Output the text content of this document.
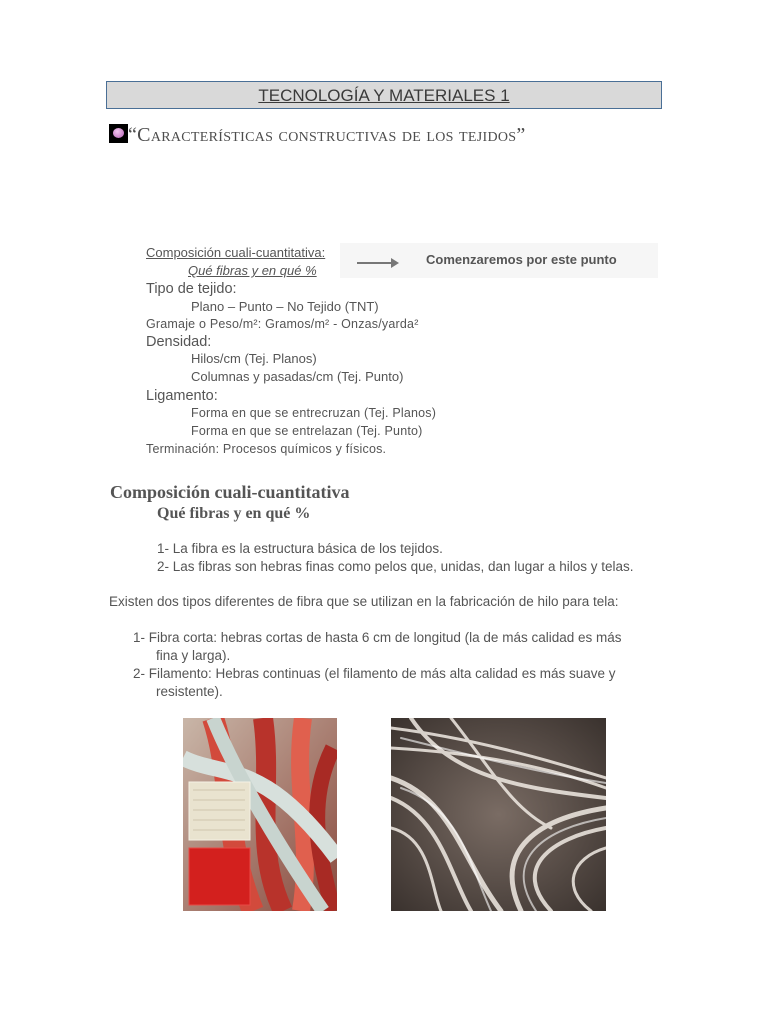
TECNOLOGÍA Y MATERIALES 1
“Características constructivas de los tejidos”
Comenzaremos por este punto
Composición cuali-cuantitativa:
Qué fibras y en qué %
Tipo de tejido:
Plano – Punto – No Tejido (TNT)
Gramaje o Peso/m²: Gramos/m² - Onzas/yarda²
Densidad:
Hilos/cm (Tej. Planos)
Columnas y pasadas/cm (Tej. Punto)
Ligamento:
Forma en que se entrecruzan (Tej. Planos)
Forma en que se entrelazan (Tej. Punto)
Terminación: Procesos químicos y físicos.
Composición cuali-cuantitativa
Qué fibras y en qué %
1- La fibra es la estructura básica de los tejidos.
2- Las fibras son hebras finas como pelos que, unidas, dan lugar a hilos y telas.
Existen dos tipos diferentes de fibra que se utilizan en la fabricación de hilo para tela:
1- Fibra corta: hebras cortas de hasta 6 cm de longitud (la de más calidad es más
fina y larga).
2- Filamento: Hebras continuas (el filamento de más alta calidad es más suave y
resistente).
